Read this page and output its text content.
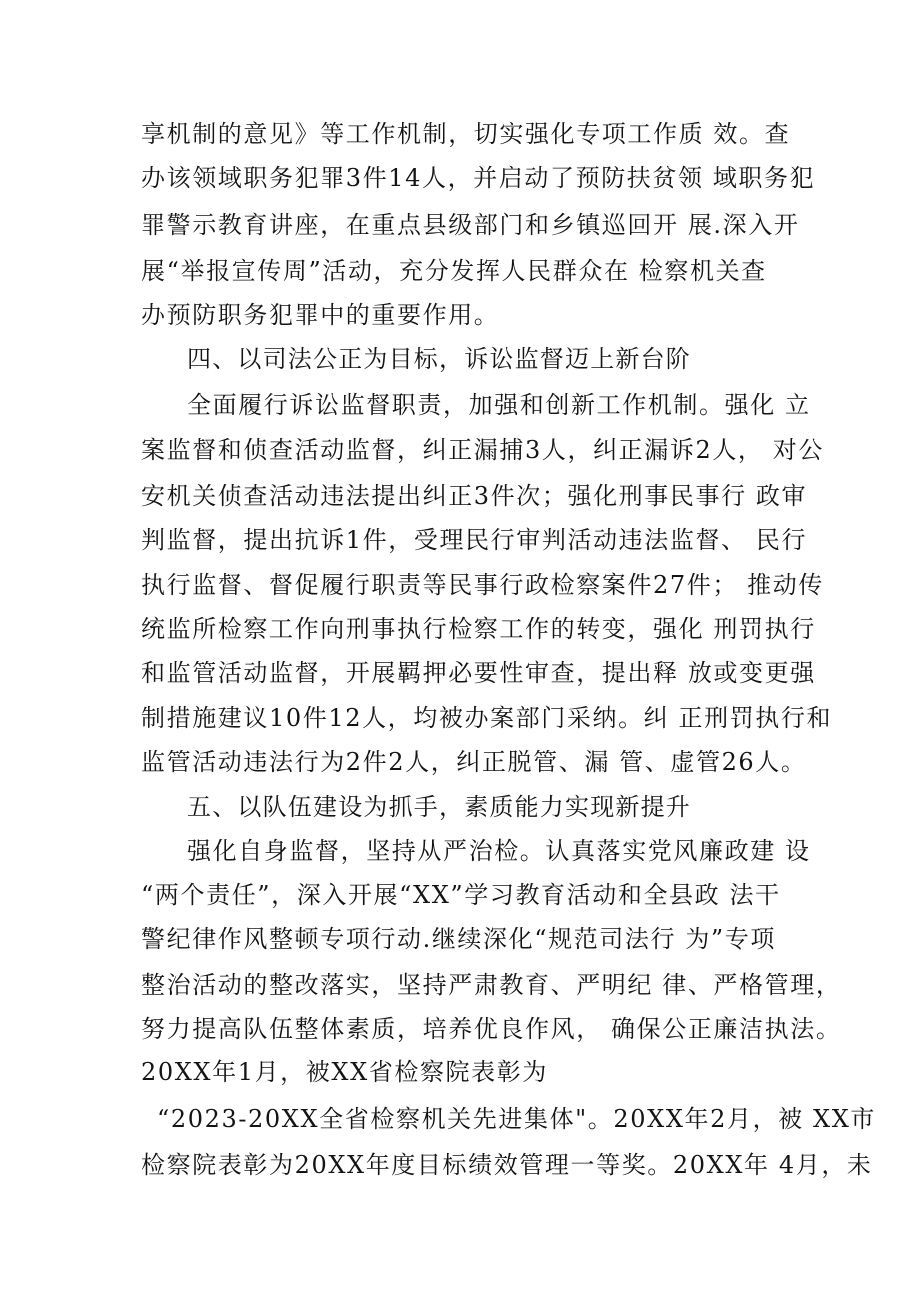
享机制的意见》等工作机制，切实强化专项工作质 效。查
办该领域职务犯罪3件14人，并启动了预防扶贫领 域职务犯
罪警示教育讲座，在重点县级部门和乡镇巡回开 展.深入开
展“举报宣传周”活动，充分发挥人民群众在 检察机关查
办预防职务犯罪中的重要作用。
四、以司法公正为目标，诉讼监督迈上新台阶
全面履行诉讼监督职责，加强和创新工作机制。强化 立
案监督和侦查活动监督，纠正漏捕3人，纠正漏诉2人， 对公
安机关侦查活动违法提出纠正3件次；强化刑事民事行 政审
判监督，提出抗诉1件，受理民行审判活动违法监督、 民行
执行监督、督促履行职责等民事行政检察案件27件； 推动传
统监所检察工作向刑事执行检察工作的转变，强化 刑罚执行
和监管活动监督，开展羁押必要性审查，提出释 放或变更强
制措施建议10件12人，均被办案部门采纳。纠 正刑罚执行和
监管活动违法行为2件2人，纠正脱管、漏 管、虚管26人。
五、以队伍建设为抓手，素质能力实现新提升
强化自身监督，坚持从严治检。认真落实党风廉政建 设
“两个责任”，深入开展“XX”学习教育活动和全县政 法干
警纪律作风整顿专项行动.继续深化“规范司法行 为”专项
整治活动的整改落实，坚持严肃教育、严明纪 律、严格管理，
努力提高队伍整体素质，培养优良作风， 确保公正廉洁执法。
20XX年1月，被XX省检察院表彰为
“2023-20XX全省检察机关先进集体"。20XX年2月，被 XX市
检察院表彰为20XX年度目标绩效管理一等奖。20XX年 4月，未
